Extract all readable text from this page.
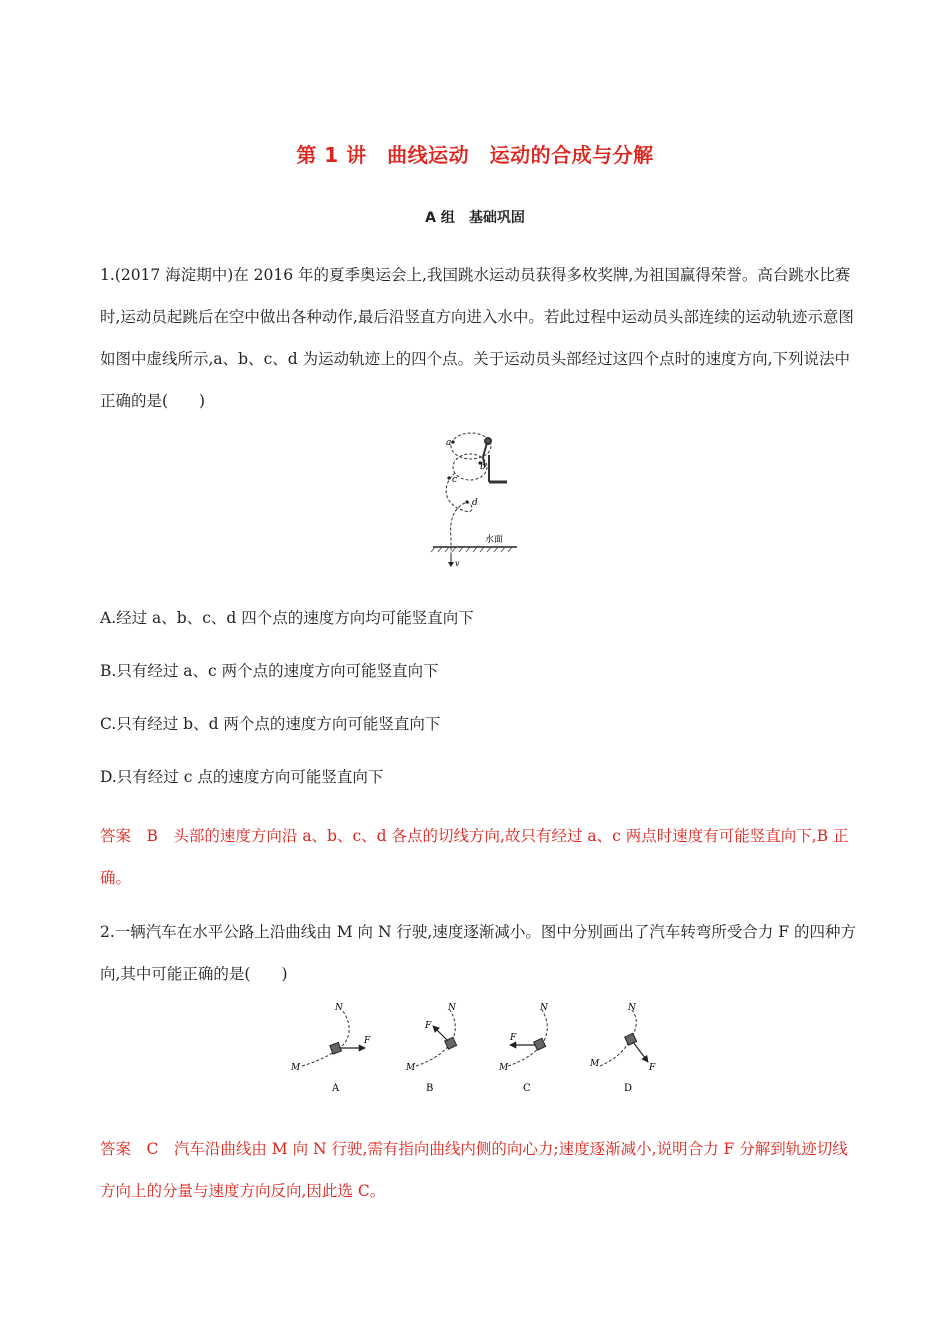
第 1 讲　曲线运动　运动的合成与分解
A 组　基础巩固

1.(2017 海淀期中)在 2016 年的夏季奥运会上,我国跳水运动员获得多枚奖牌,为祖国赢得荣誉。高台跳水比赛时,运动员起跳后在空中做出各种动作,最后沿竖直方向进入水中。若此过程中运动员头部连续的运动轨迹示意图如图中虚线所示,a、b、c、d 为运动轨迹上的四个点。关于运动员头部经过这四个点时的速度方向,下列说法中正确的是(　　)

a
b
c
d
水面
v

A.经过 a、b、c、d 四个点的速度方向均可能竖直向下

B.只有经过 a、c 两个点的速度方向可能竖直向下

C.只有经过 b、d 两个点的速度方向可能竖直向下

D.只有经过 c 点的速度方向可能竖直向下

答案　B　头部的速度方向沿 a、b、c、d 各点的切线方向,故只有经过 a、c 两点时速度有可能竖直向下,B 正确。

2.一辆汽车在水平公路上沿曲线由 M 向 N 行驶,速度逐渐减小。图中分别画出了汽车转弯所受合力 F 的四种方向,其中可能正确的是(　　)

M
N
F
A
M
N
F
B
M
N
F
C
M
N
F
D

答案　C　汽车沿曲线由 M 向 N 行驶,需有指向曲线内侧的向心力;速度逐渐减小,说明合力 F 分解到轨迹切线方向上的分量与速度方向反向,因此选 C。
